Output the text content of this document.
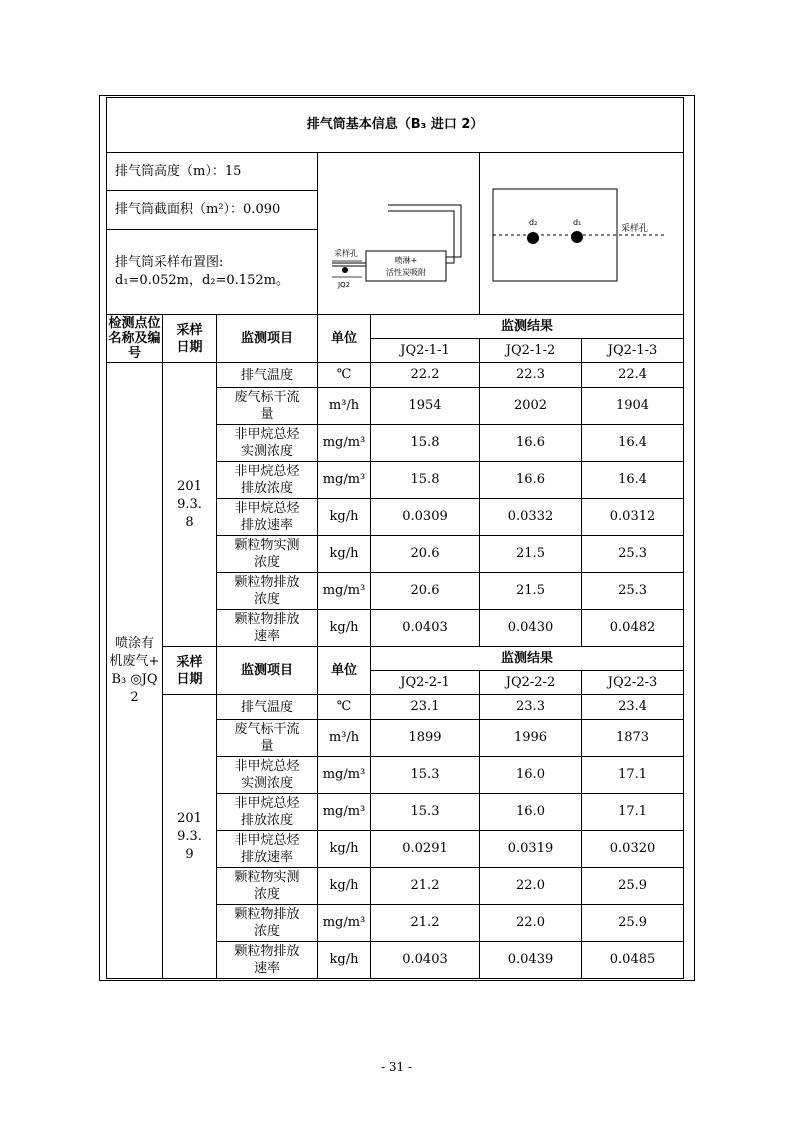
排气筒基本信息（B₃ 进口 2）						
排气筒高度（m）：15			喷淋+
活性炭吸附
采样孔
JQ2		采样孔
d₂ d₁	

排气筒截面积（m²）：0.090						

排气筒采样布置图:
d₁=0.052m，d₂=0.152m。						

检测点位名称及编号	采样日期	监测项目	单位	监测结果		
				JQ2-1-1	JQ2-1-2	JQ2-1-3
喷涂有机废气+B₃ ◎JQ2	2019.3.8	排气温度	℃	22.2	22.3	22.4
		废气标干流量	m³/h	1954	2002	1904
		非甲烷总烃实测浓度	mg/m³	15.8	16.6	16.4
		非甲烷总烃排放浓度	mg/m³	15.8	16.6	16.4
		非甲烷总烃排放速率	kg/h	0.0309	0.0332	0.0312
		颗粒物实测浓度	kg/h	20.6	21.5	25.3
		颗粒物排放浓度	mg/m³	20.6	21.5	25.3
		颗粒物排放速率	kg/h	0.0403	0.0430	0.0482
	采样日期	监测项目	单位	监测结果		
				JQ2-2-1	JQ2-2-2	JQ2-2-3
	2019.3.9	排气温度	℃	23.1	23.3	23.4
		废气标干流量	m³/h	1899	1996	1873
		非甲烷总烃实测浓度	mg/m³	15.3	16.0	17.1
		非甲烷总烃排放浓度	mg/m³	15.3	16.0	17.1
		非甲烷总烃排放速率	kg/h	0.0291	0.0319	0.0320
		颗粒物实测浓度	kg/h	21.2	22.0	25.9
		颗粒物排放浓度	mg/m³	21.2	22.0	25.9
		颗粒物排放速率	kg/h	0.0403	0.0439	0.0485
- 31 -
